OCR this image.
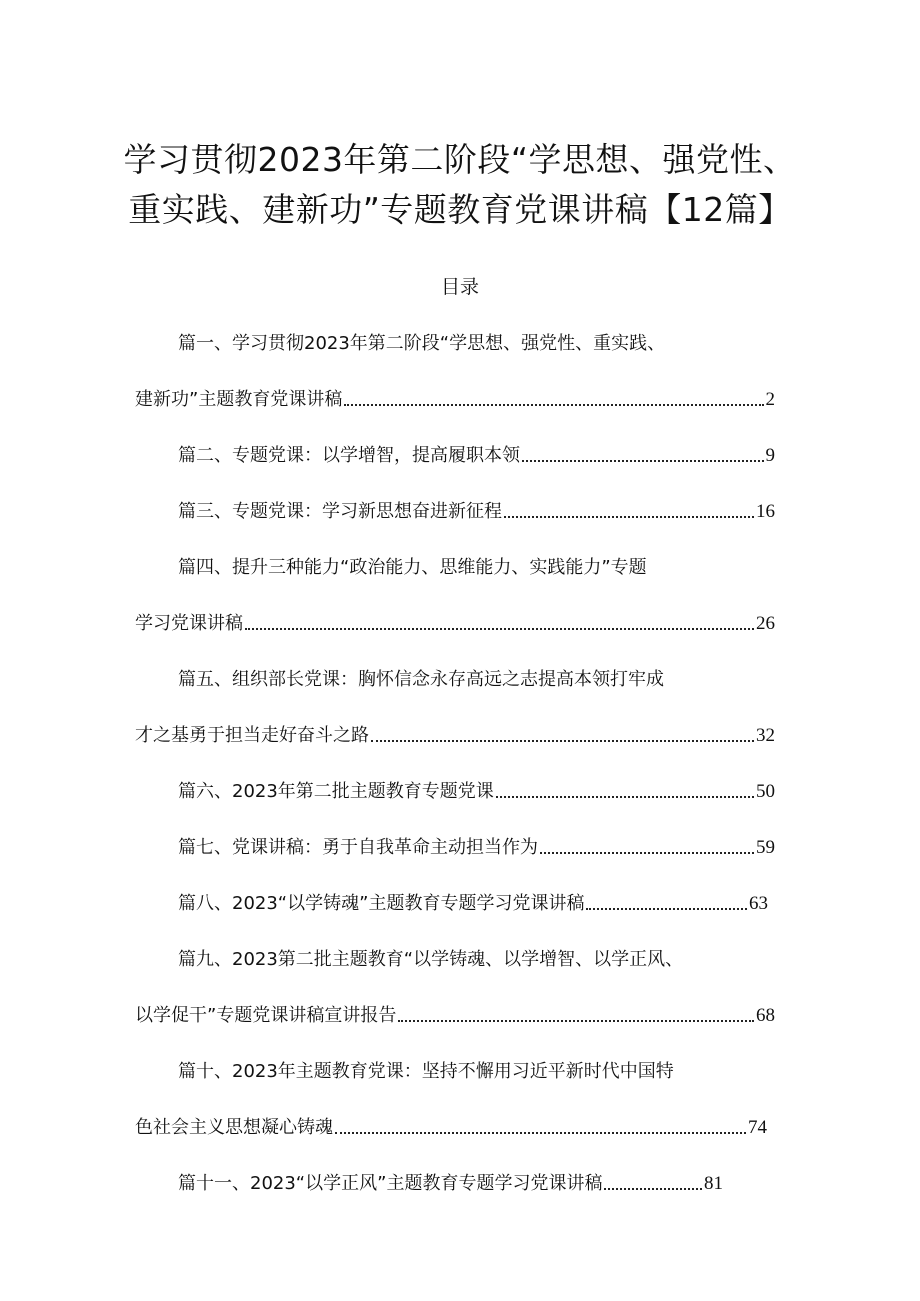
学习贯彻2023年第二阶段“学思想、强党性、
重实践、建新功”专题教育党课讲稿【12篇】
目录
篇一、学习贯彻2023年第二阶段“学思想、强党性、重实践、
建新功”主题教育党课讲稿	2
篇二、专题党课：以学增智，提高履职本领	9
篇三、专题党课：学习新思想奋进新征程	16
篇四、提升三种能力“政治能力、思维能力、实践能力”专题
学习党课讲稿	26
篇五、组织部长党课：胸怀信念永存高远之志提高本领打牢成
才之基勇于担当走好奋斗之路	32
篇六、2023年第二批主题教育专题党课	50
篇七、党课讲稿：勇于自我革命主动担当作为	59
篇八、2023“以学铸魂”主题教育专题学习党课讲稿	63
篇九、2023第二批主题教育“以学铸魂、以学增智、以学正风、
以学促干”专题党课讲稿宣讲报告	68
篇十、2023年主题教育党课：坚持不懈用习近平新时代中国特
色社会主义思想凝心铸魂	74
篇十一、2023“以学正风”主题教育专题学习党课讲稿	81
